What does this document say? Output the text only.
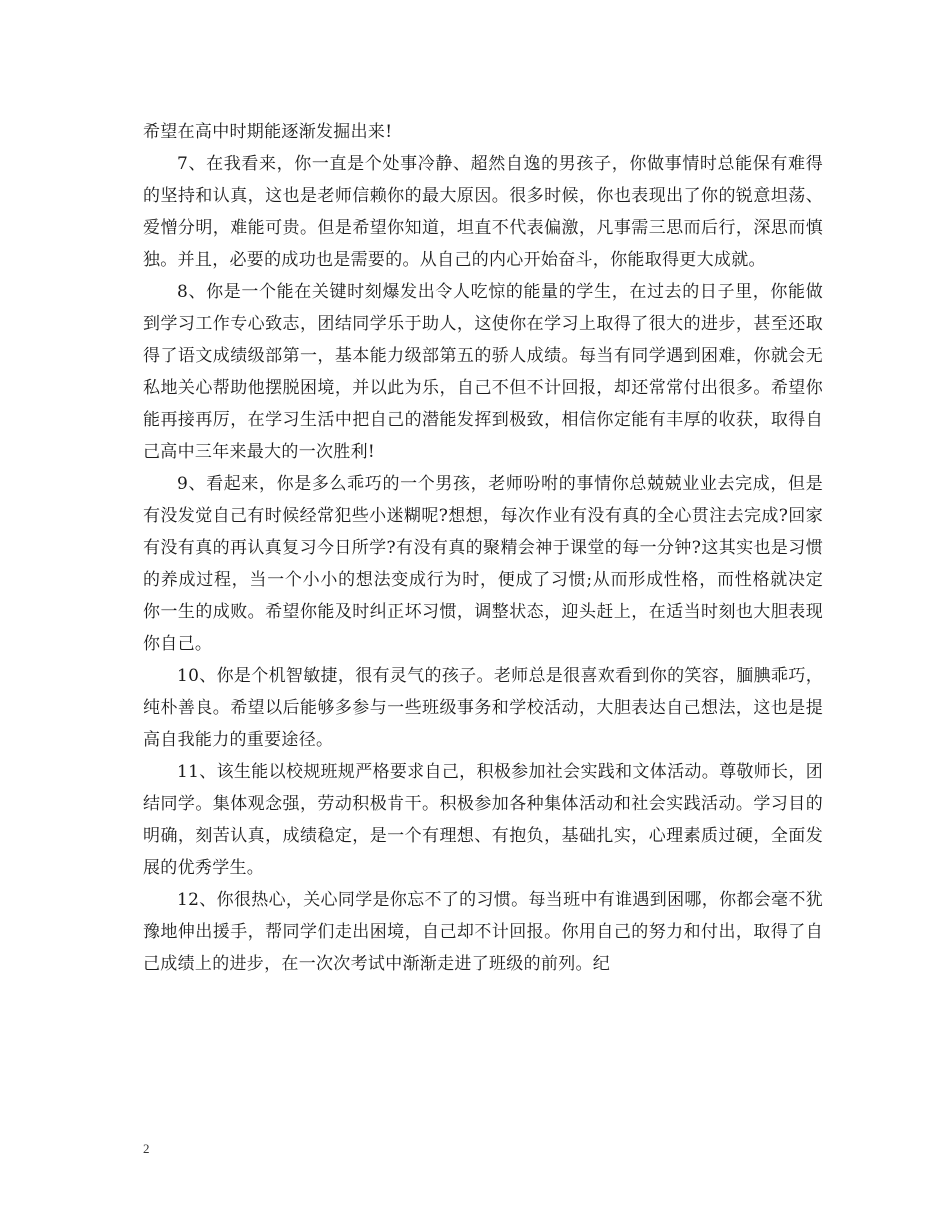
希望在高中时期能逐渐发掘出来!

7、在我看来，你一直是个处事冷静、超然自逸的男孩子，你做事情时总能保有难得的坚持和认真，这也是老师信赖你的最大原因。很多时候，你也表现出了你的锐意坦荡、爱憎分明，难能可贵。但是希望你知道，坦直不代表偏激，凡事需三思而后行，深思而慎独。并且，必要的成功也是需要的。从自己的内心开始奋斗，你能取得更大成就。

8、你是一个能在关键时刻爆发出令人吃惊的能量的学生，在过去的日子里，你能做到学习工作专心致志，团结同学乐于助人，这使你在学习上取得了很大的进步，甚至还取得了语文成绩级部第一，基本能力级部第五的骄人成绩。每当有同学遇到困难，你就会无私地关心帮助他摆脱困境，并以此为乐，自己不但不计回报，却还常常付出很多。希望你能再接再厉，在学习生活中把自己的潜能发挥到极致，相信你定能有丰厚的收获，取得自己高中三年来最大的一次胜利!

9、看起来，你是多么乖巧的一个男孩，老师吩咐的事情你总兢兢业业去完成，但是有没发觉自己有时候经常犯些小迷糊呢?想想，每次作业有没有真的全心贯注去完成?回家有没有真的再认真复习今日所学?有没有真的聚精会神于课堂的每一分钟?这其实也是习惯的养成过程，当一个小小的想法变成行为时，便成了习惯;从而形成性格，而性格就决定你一生的成败。希望你能及时纠正坏习惯，调整状态，迎头赶上，在适当时刻也大胆表现你自己。

10、你是个机智敏捷，很有灵气的孩子。老师总是很喜欢看到你的笑容，腼腆乖巧，纯朴善良。希望以后能够多参与一些班级事务和学校活动，大胆表达自己想法，这也是提高自我能力的重要途径。

11、该生能以校规班规严格要求自己，积极参加社会实践和文体活动。尊敬师长，团结同学。集体观念强，劳动积极肯干。积极参加各种集体活动和社会实践活动。学习目的明确，刻苦认真，成绩稳定，是一个有理想、有抱负，基础扎实，心理素质过硬，全面发展的优秀学生。

12、你很热心，关心同学是你忘不了的习惯。每当班中有谁遇到困哪，你都会毫不犹豫地伸出援手，帮同学们走出困境，自己却不计回报。你用自己的努力和付出，取得了自己成绩上的进步，在一次次考试中渐渐走进了班级的前列。纪

2
